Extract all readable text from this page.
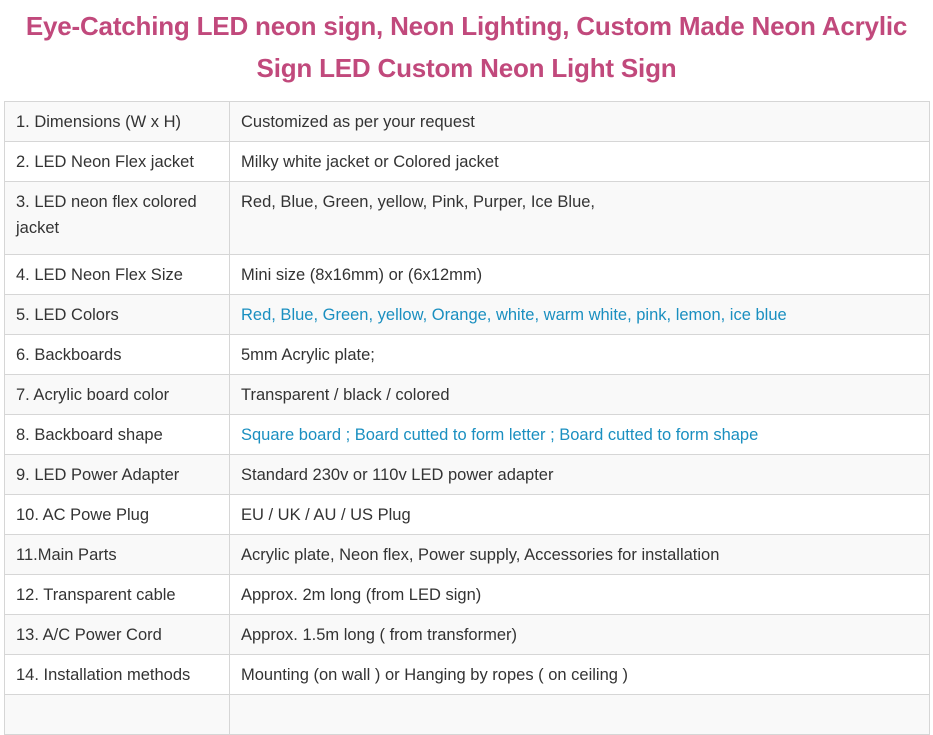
Eye-Catching LED neon sign, Neon Lighting, Custom Made Neon Acrylic
Sign LED Custom Neon Light Sign
1. Dimensions (W x H)	Customized as per your request
2. LED Neon Flex jacket	Milky white jacket or Colored jacket
3. LED neon flex colored jacket	Red, Blue, Green, yellow, Pink, Purper, Ice Blue,
4. LED Neon Flex Size	Mini size (8x16mm) or (6x12mm)
5. LED Colors	Red, Blue, Green, yellow, Orange, white, warm white, pink, lemon, ice blue
6. Backboards	5mm Acrylic plate;
7. Acrylic board color	Transparent / black / colored
8. Backboard shape	Square board ; Board cutted to form letter ; Board cutted to form shape
9. LED Power Adapter	Standard 230v or 110v LED power adapter
10. AC Powe Plug	EU / UK / AU / US Plug
11.Main Parts	Acrylic plate, Neon flex, Power supply, Accessories for installation
12. Transparent cable	Approx. 2m long (from LED sign)
13. A/C Power Cord	Approx. 1.5m long ( from transformer)
14. Installation methods	Mounting (on wall ) or Hanging by ropes ( on ceiling )
